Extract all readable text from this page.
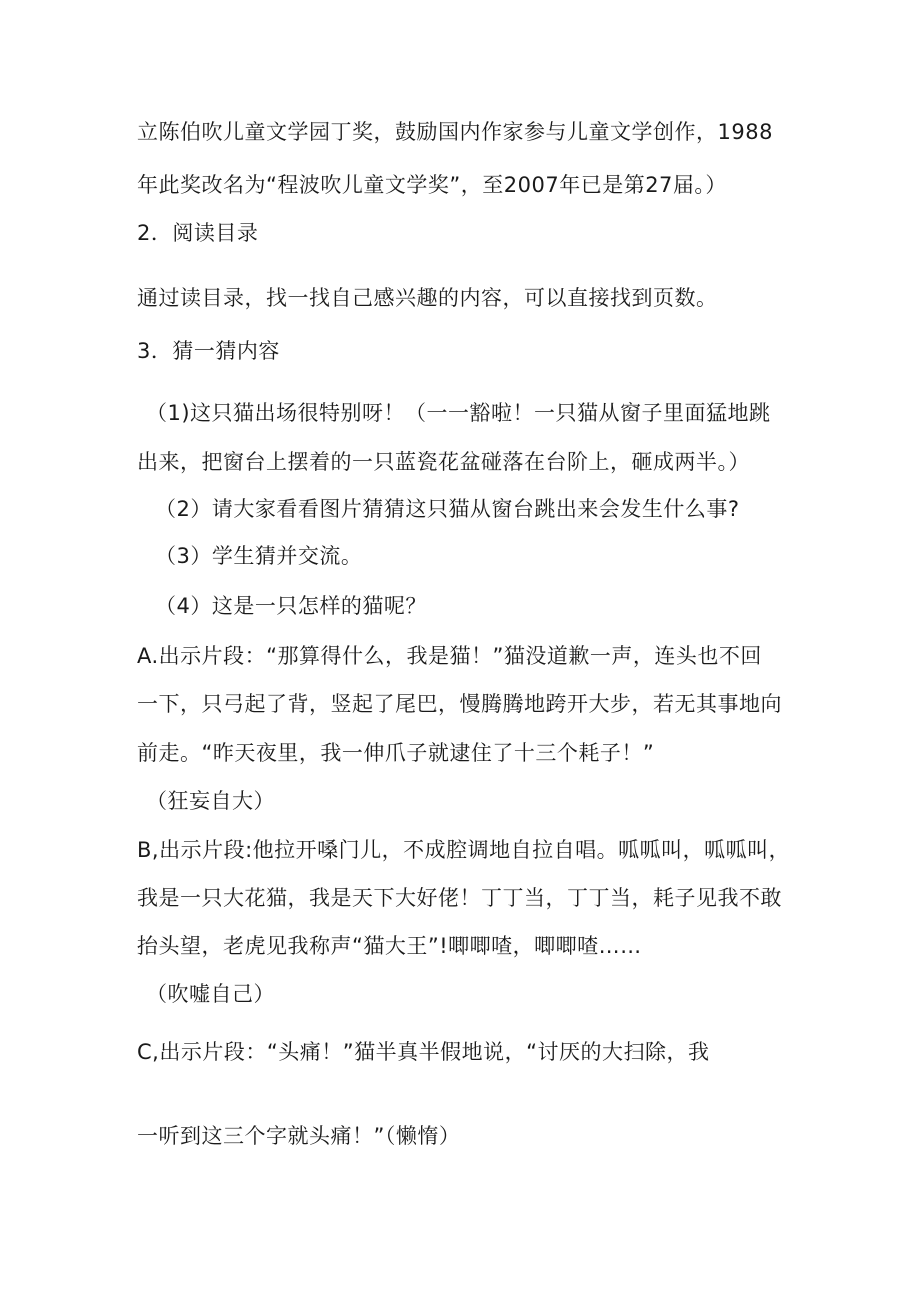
立陈伯吹儿童文学园丁奖，鼓励国内作家参与儿童文学创作，1988
年此奖改名为“程波吹儿童文学奖”，至2007年已是第27届。）
2．阅读目录
通过读目录，找一找自己感兴趣的内容，可以直接找到页数。
3．猜一猜内容
（1)这只猫出场很特别呀！（一一豁啦！一只猫从窗子里面猛地跳
出来，把窗台上摆着的一只蓝瓷花盆碰落在台阶上，砸成两半。）
（2）请大家看看图片猜猜这只猫从窗台跳出来会发生什么事?
（3）学生猜并交流。
（4）这是一只怎样的猫呢？
A.出示片段：“那算得什么，我是猫！”猫没道歉一声，连头也不回
一下，只弓起了背，竖起了尾巴，慢腾腾地跨开大步，若无其事地向
前走。“昨天夜里，我一伸爪子就逮住了十三个耗子！”
（狂妄自大）
B,出示片段:他拉开嗓门儿，不成腔调地自拉自唱。呱呱叫，呱呱叫，
我是一只大花猫，我是天下大好佬！丁丁当，丁丁当，耗子见我不敢
抬头望，老虎见我称声“猫大王”!唧唧喳，唧唧喳……
（吹嘘自己）
C,出示片段：“头痛！”猫半真半假地说，“讨厌的大扫除，我
一听到这三个字就头痛！”（懒惰）
